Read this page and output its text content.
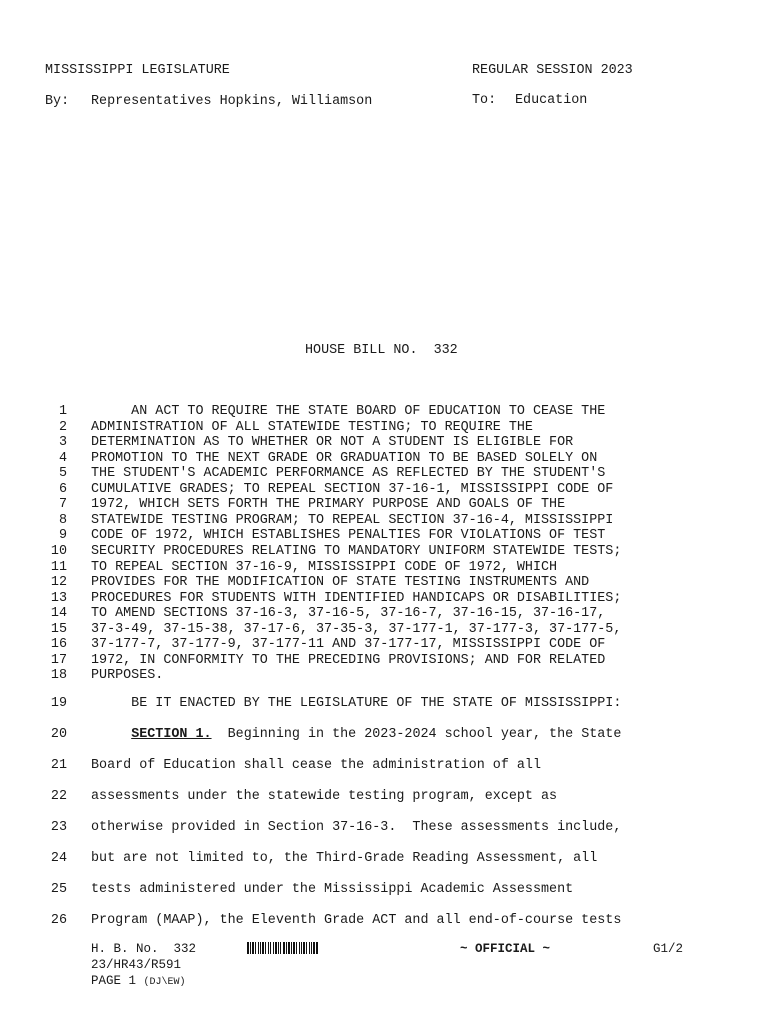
MISSISSIPPI LEGISLATURE	REGULAR SESSION 2023
By: Representatives Hopkins, Williamson	To: Education
HOUSE BILL NO.  332
1 AN ACT TO REQUIRE THE STATE BOARD OF EDUCATION TO CEASE THE
2 ADMINISTRATION OF ALL STATEWIDE TESTING; TO REQUIRE THE
3 DETERMINATION AS TO WHETHER OR NOT A STUDENT IS ELIGIBLE FOR
4 PROMOTION TO THE NEXT GRADE OR GRADUATION TO BE BASED SOLELY ON
5 THE STUDENT'S ACADEMIC PERFORMANCE AS REFLECTED BY THE STUDENT'S
6 CUMULATIVE GRADES; TO REPEAL SECTION 37-16-1, MISSISSIPPI CODE OF
7 1972, WHICH SETS FORTH THE PRIMARY PURPOSE AND GOALS OF THE
8 STATEWIDE TESTING PROGRAM; TO REPEAL SECTION 37-16-4, MISSISSIPPI
9 CODE OF 1972, WHICH ESTABLISHES PENALTIES FOR VIOLATIONS OF TEST
10 SECURITY PROCEDURES RELATING TO MANDATORY UNIFORM STATEWIDE TESTS;
11 TO REPEAL SECTION 37-16-9, MISSISSIPPI CODE OF 1972, WHICH
12 PROVIDES FOR THE MODIFICATION OF STATE TESTING INSTRUMENTS AND
13 PROCEDURES FOR STUDENTS WITH IDENTIFIED HANDICAPS OR DISABILITIES;
14 TO AMEND SECTIONS 37-16-3, 37-16-5, 37-16-7, 37-16-15, 37-16-17,
15 37-3-49, 37-15-38, 37-17-6, 37-35-3, 37-177-1, 37-177-3, 37-177-5,
16 37-177-7, 37-177-9, 37-177-11 AND 37-177-17, MISSISSIPPI CODE OF
17 1972, IN CONFORMITY TO THE PRECEDING PROVISIONS; AND FOR RELATED
18 PURPOSES.
19 BE IT ENACTED BY THE LEGISLATURE OF THE STATE OF MISSISSIPPI:
20	SECTION 1.  Beginning in the 2023-2024 school year, the State
21 Board of Education shall cease the administration of all
22 assessments under the statewide testing program, except as
23 otherwise provided in Section 37-16-3.  These assessments include,
24 but are not limited to, the Third-Grade Reading Assessment, all
25 tests administered under the Mississippi Academic Assessment
26 Program (MAAP), the Eleventh Grade ACT and all end-of-course tests
H. B. No.  332	~ OFFICIAL ~	G1/2
23/HR43/R591
PAGE 1 (DJ\EW)
